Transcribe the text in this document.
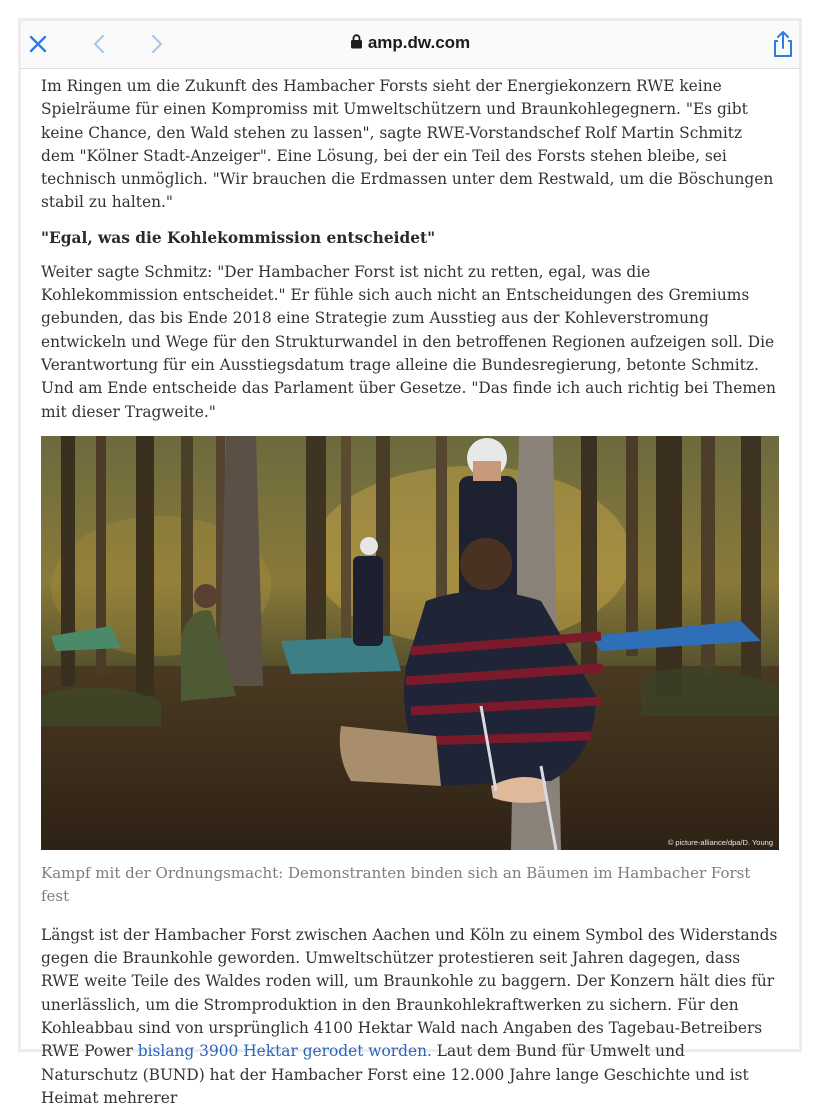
amp.dw.com

Im Ringen um die Zukunft des Hambacher Forsts sieht der Energiekonzern RWE keine Spielräume für einen Kompromiss mit Umweltschützern und Braunkohlegegnern. "Es gibt keine Chance, den Wald stehen zu lassen", sagte RWE-Vorstandschef Rolf Martin Schmitz dem "Kölner Stadt-Anzeiger". Eine Lösung, bei der ein Teil des Forsts stehen bleibe, sei technisch unmöglich. "Wir brauchen die Erdmassen unter dem Restwald, um die Böschungen stabil zu halten."

"Egal, was die Kohlekommission entscheidet"

Weiter sagte Schmitz: "Der Hambacher Forst ist nicht zu retten, egal, was die Kohlekommission entscheidet." Er fühle sich auch nicht an Entscheidungen des Gremiums gebunden, das bis Ende 2018 eine Strategie zum Ausstieg aus der Kohleverstromung entwickeln und Wege für den Strukturwandel in den betroffenen Regionen aufzeigen soll. Die Verantwortung für ein Ausstiegsdatum trage alleine die Bundesregierung, betonte Schmitz. Und am Ende entscheide das Parlament über Gesetze. "Das finde ich auch richtig bei Themen mit dieser Tragweite."

© picture-alliance/dpa/D. Young

Kampf mit der Ordnungsmacht: Demonstranten binden sich an Bäumen im Hambacher Forst fest

Längst ist der Hambacher Forst zwischen Aachen und Köln zu einem Symbol des Widerstands gegen die Braunkohle geworden. Umweltschützer protestieren seit Jahren dagegen, dass RWE weite Teile des Waldes roden will, um Braunkohle zu baggern. Der Konzern hält dies für unerlässlich, um die Stromproduktion in den Braunkohlekraftwerken zu sichern. Für den Kohleabbau sind von ursprünglich 4100 Hektar Wald nach Angaben des Tagebau-Betreibers RWE Power bislang 3900 Hektar gerodet worden. Laut dem Bund für Umwelt und Naturschutz (BUND) hat der Hambacher Forst eine 12.000 Jahre lange Geschichte und ist Heimat mehrerer
